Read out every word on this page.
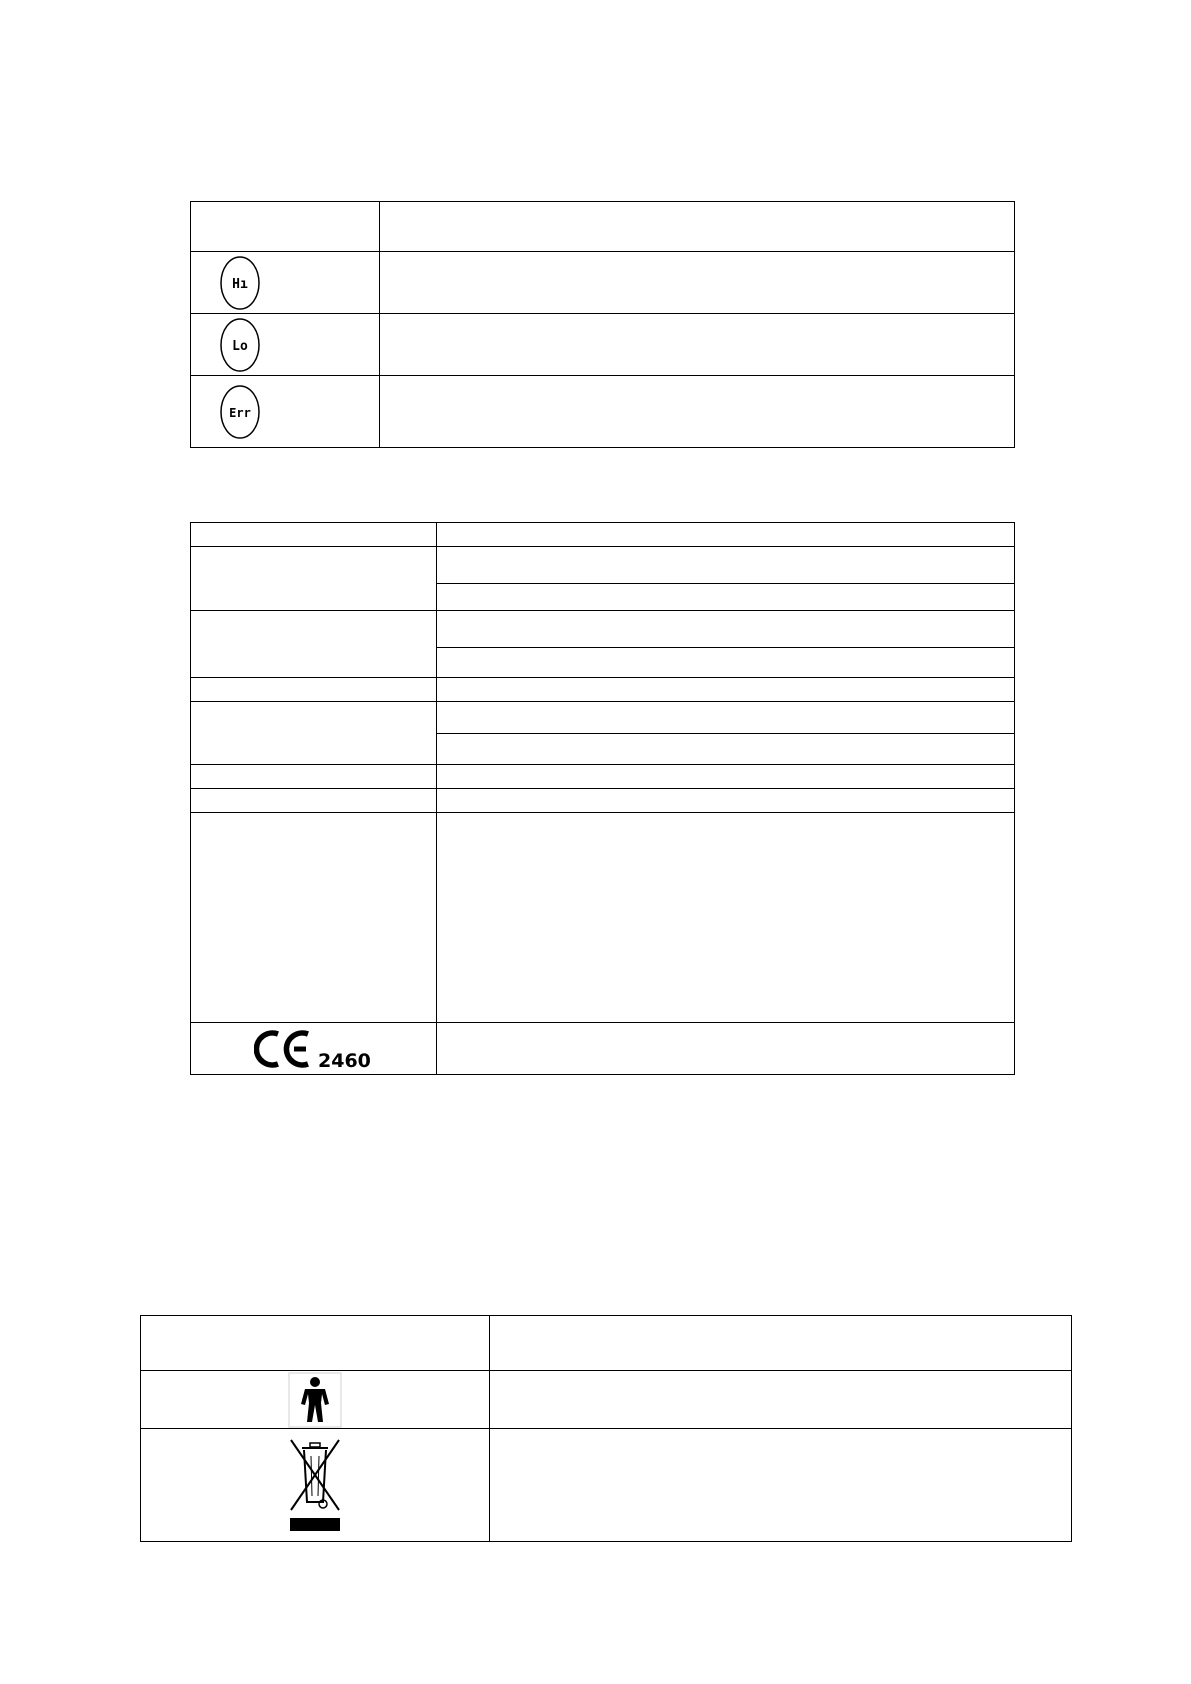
Hı	

Lo	

Err	

2460	
